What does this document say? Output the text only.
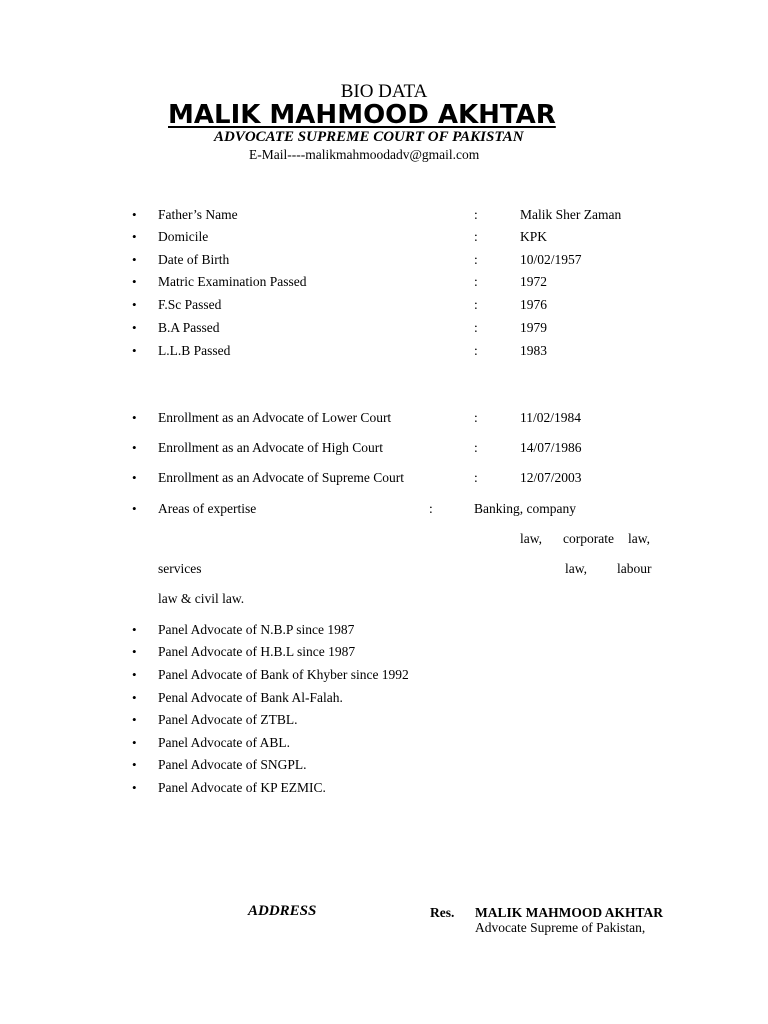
BIO DATA
MALIK MAHMOOD AKHTAR
ADVOCATE SUPREME COURT OF PAKISTAN
E-Mail----malikmahmoodadv@gmail.com
•
Father’s Name	:	Malik Sher Zaman
•
Domicile	:	KPK
•
Date of Birth	:	10/02/1957
•
Matric Examination Passed	:	1972
•
F.Sc Passed	:	1976
•
B.A Passed	:	1979
•
L.L.B Passed	:	1983
•
Enrollment as an Advocate of Lower Court	:	11/02/1984
•
Enrollment as an Advocate of High Court	:	14/07/1986
•
Enrollment as an Advocate of Supreme Court	:	12/07/2003
•
Areas of expertise	:	Banking, company
law, corporate law,
services	law, labour
law & civil law.
•
Panel Advocate of N.B.P since 1987
•
Panel Advocate of H.B.L since 1987
•
Panel Advocate of Bank of Khyber since 1992
•
Penal Advocate of Bank Al-Falah.
•
Panel Advocate of ZTBL.
•
Panel Advocate of ABL.
•
Panel Advocate of SNGPL.
•
Panel Advocate of KP EZMIC.
ADDRESS	Res. MALIK MAHMOOD AKHTAR
Advocate Supreme of Pakistan,
